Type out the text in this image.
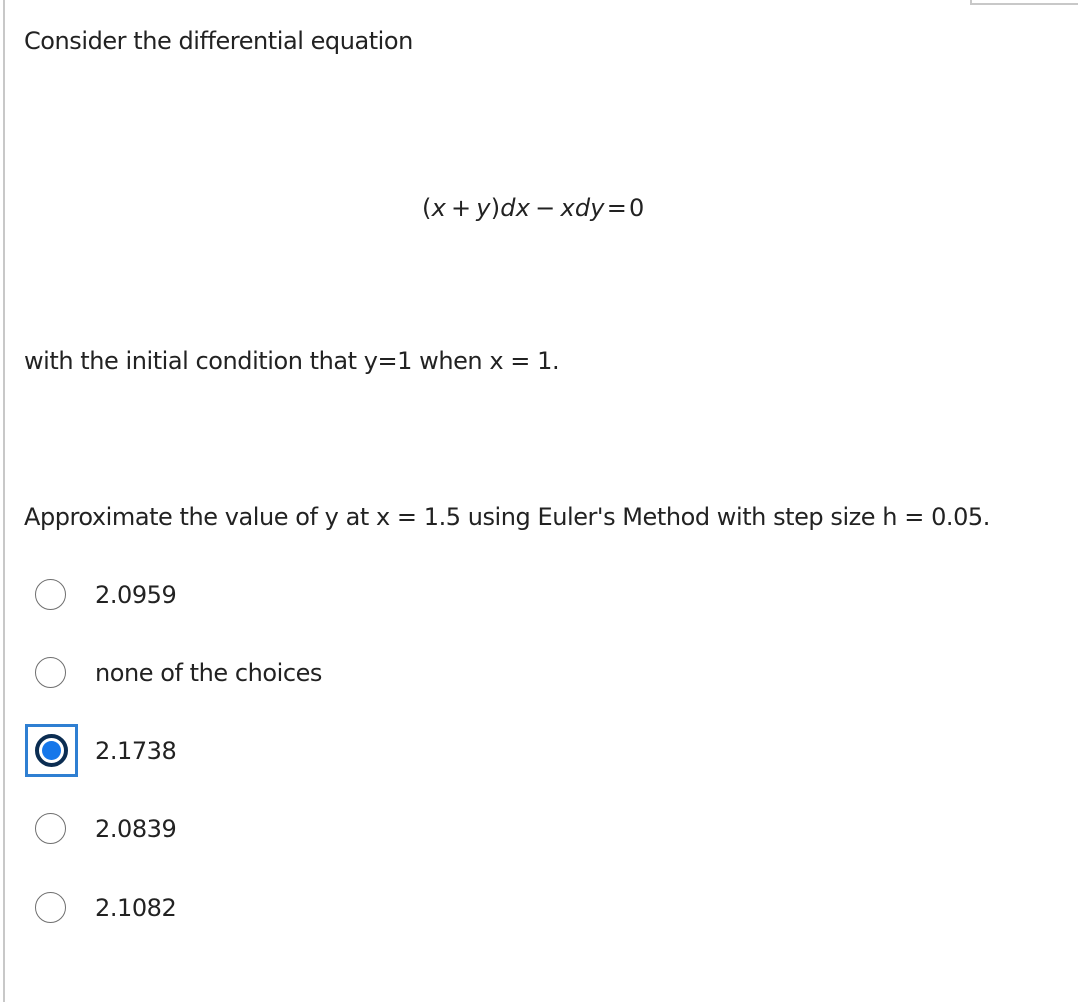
Consider the differential equation
(x + y)dx − xdy=0
with the initial condition that y=1 when x = 1.
Approximate the value of y at x = 1.5 using Euler's Method with step size h = 0.05.
2.0959
none of the choices
2.1738
2.0839
2.1082
